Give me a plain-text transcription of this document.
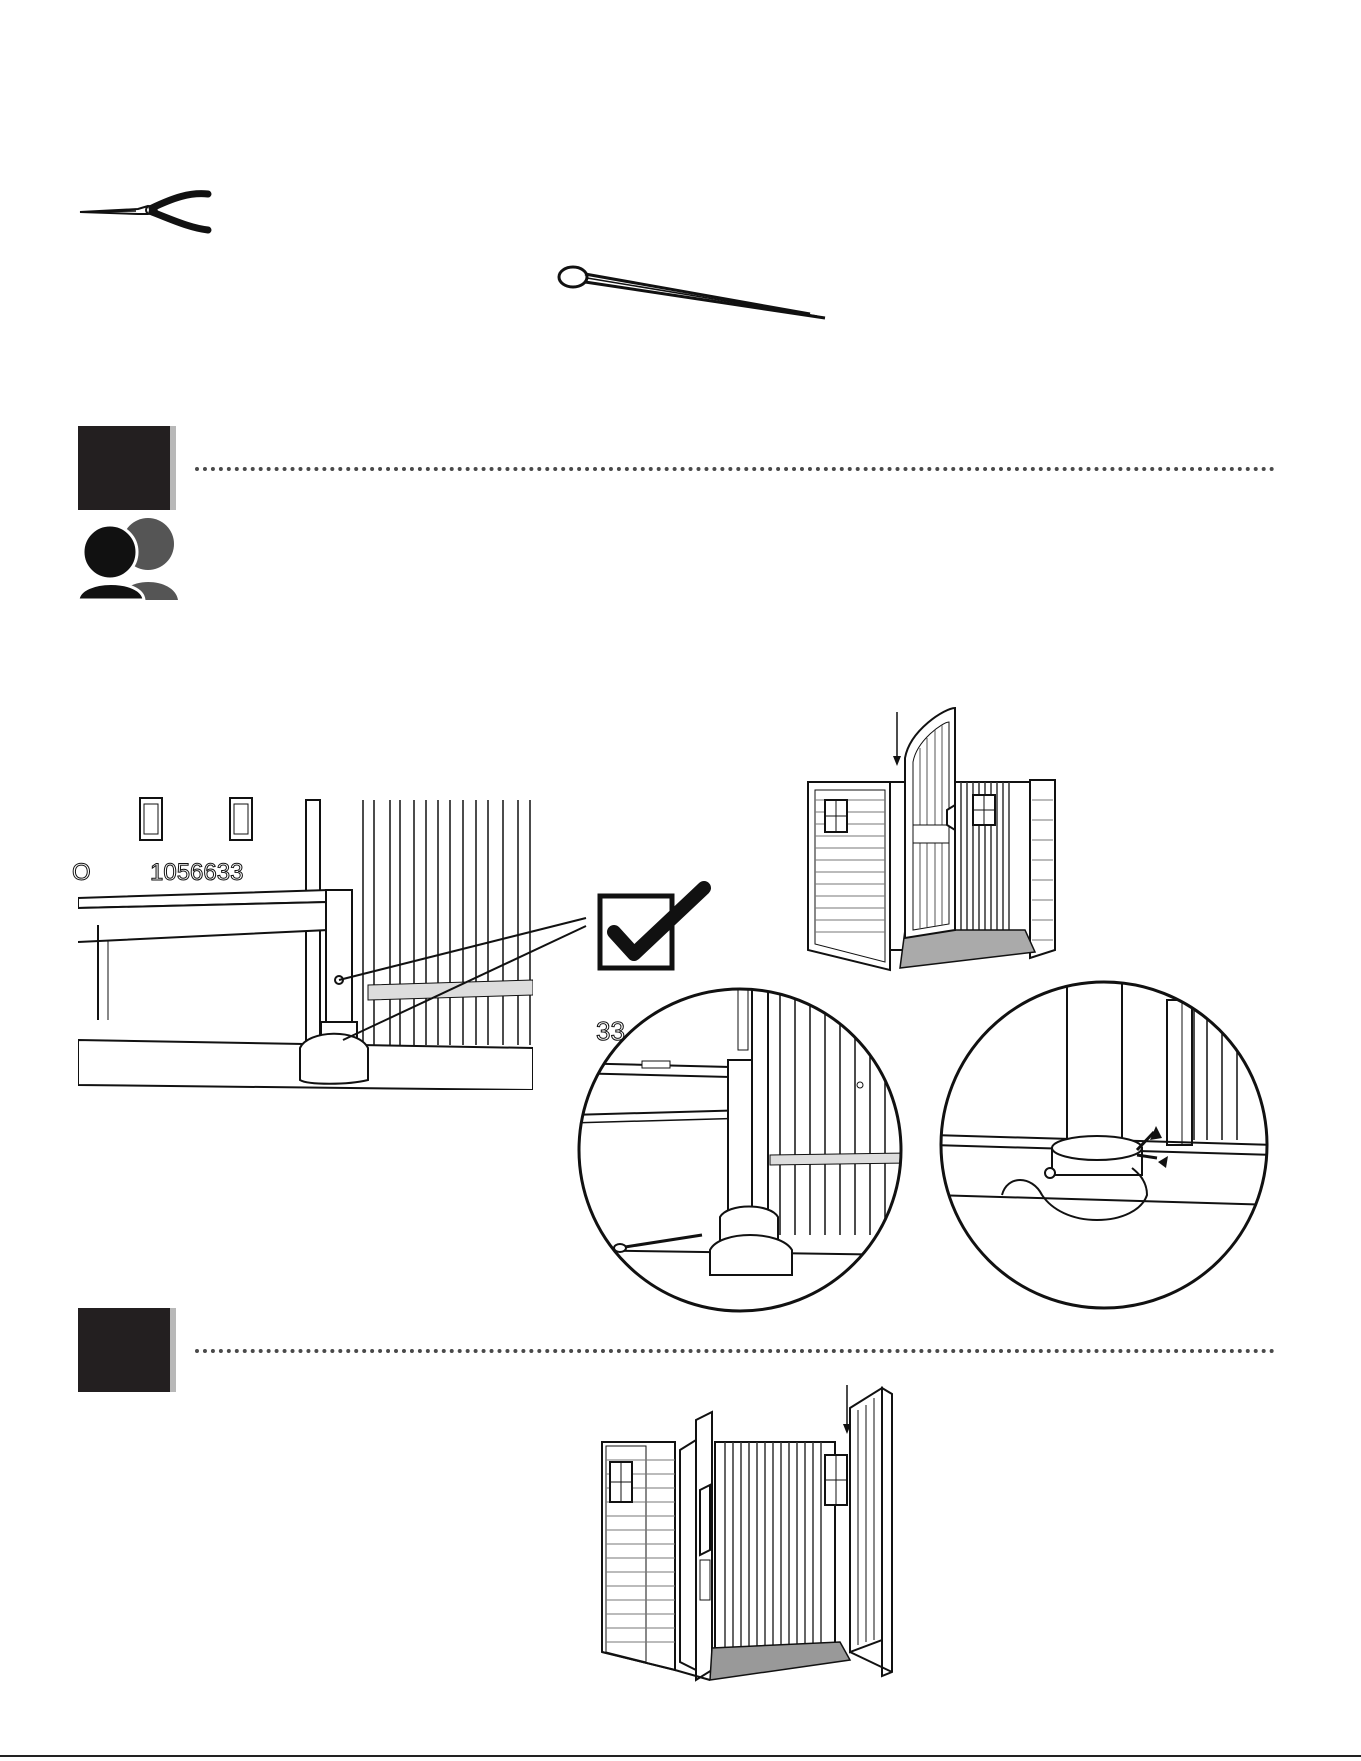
O 1056633
33
